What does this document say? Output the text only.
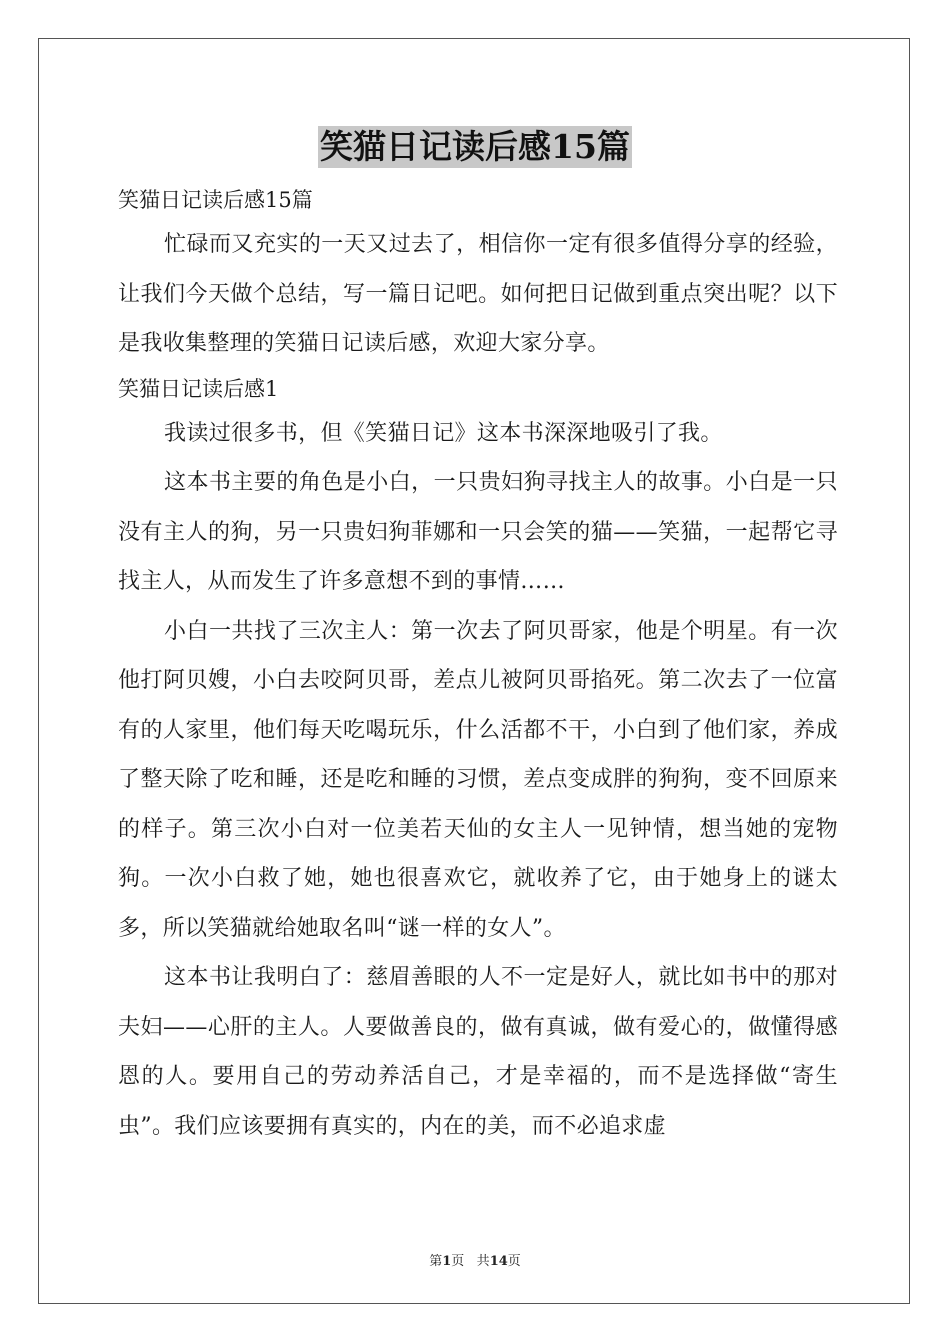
笑猫日记读后感15篇

笑猫日记读后感15篇

忙碌而又充实的一天又过去了，相信你一定有很多值得分享的经验，让我们今天做个总结，写一篇日记吧。如何把日记做到重点突出呢？以下是我收集整理的笑猫日记读后感，欢迎大家分享。

笑猫日记读后感1

我读过很多书，但《笑猫日记》这本书深深地吸引了我。

这本书主要的角色是小白，一只贵妇狗寻找主人的故事。小白是一只没有主人的狗，另一只贵妇狗菲娜和一只会笑的猫——笑猫，一起帮它寻找主人，从而发生了许多意想不到的事情……

小白一共找了三次主人：第一次去了阿贝哥家，他是个明星。有一次他打阿贝嫂，小白去咬阿贝哥，差点儿被阿贝哥掐死。第二次去了一位富有的人家里，他们每天吃喝玩乐，什么活都不干，小白到了他们家，养成了整天除了吃和睡，还是吃和睡的习惯，差点变成胖的狗狗，变不回原来的样子。第三次小白对一位美若天仙的女主人一见钟情，想当她的宠物狗。一次小白救了她，她也很喜欢它，就收养了它，由于她身上的谜太多，所以笑猫就给她取名叫“谜一样的女人”。

这本书让我明白了：慈眉善眼的人不一定是好人，就比如书中的那对夫妇——心肝的主人。人要做善良的，做有真诚，做有爱心的，做懂得感恩的人。要用自己的劳动养活自己，才是幸福的，而不是选择做“寄生虫”。我们应该要拥有真实的，内在的美，而不必追求虚

第1页 共14页
